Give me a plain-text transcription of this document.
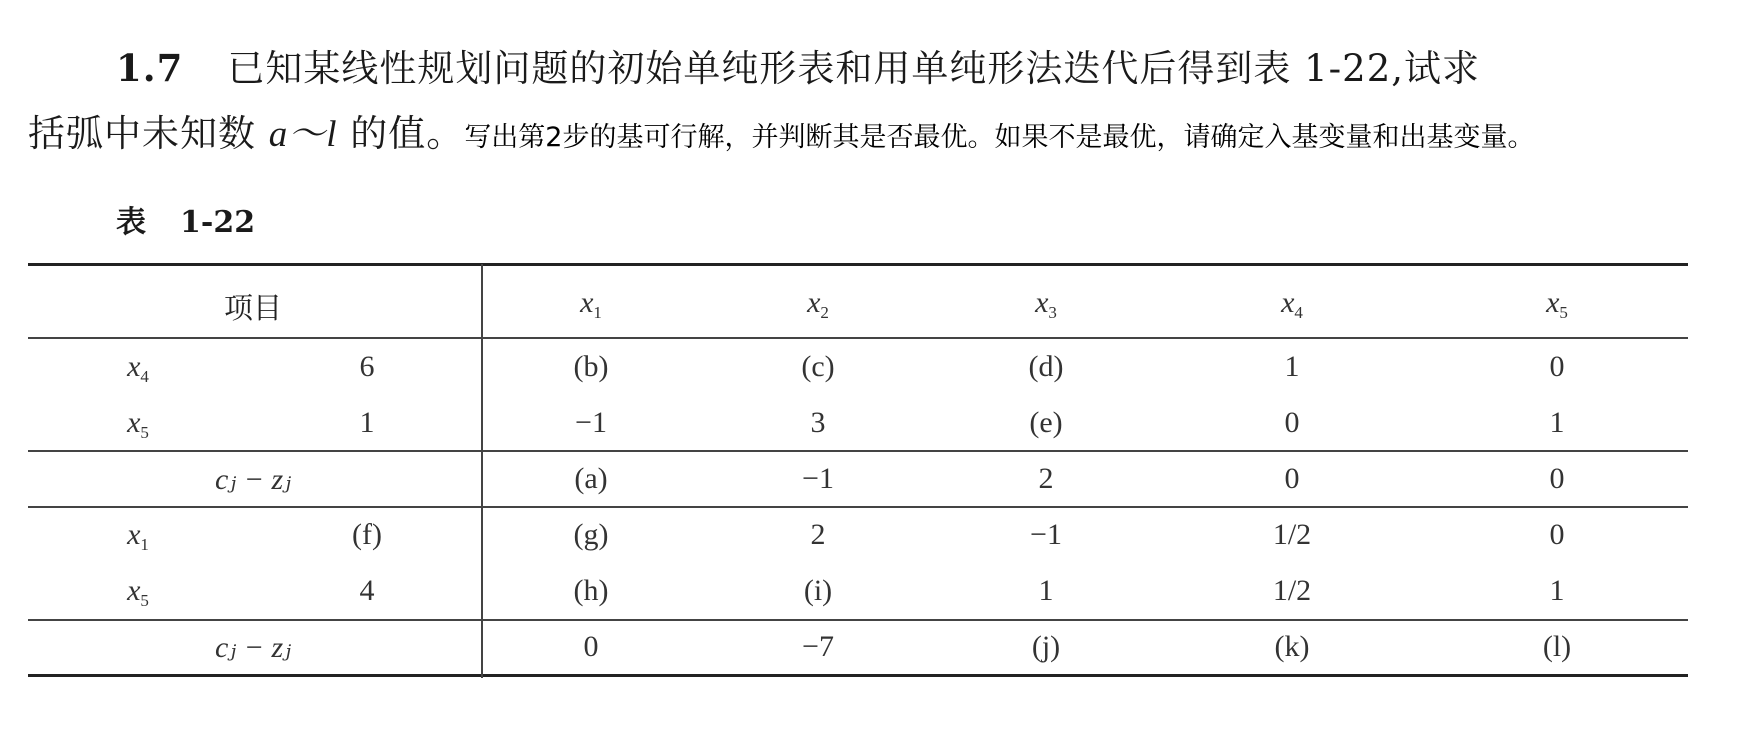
1.7 已知某线性规划问题的初始单纯形表和用单纯形法迭代后得到表 1-22,试求
括弧中未知数 a～l 的值。写出第2步的基可行解，并判断其是否最优。如果不是最优，请确定入基变量和出基变量。
表 1-22
项目	$x_1$	$x_2$	$x_3$	$x_4$	$x_5$
$x_4$	6	(b)	(c)	(d)	1	0
$x_5$	1	−1	3	(e)	0	1
cⱼ − zⱼ	(a)	−1	2	0	0
$x_1$	(f)	(g)	2	−1	1/2	0
$x_5$	4	(h)	(i)	1	1/2	1
cⱼ − zⱼ	0	−7	(j)	(k)	(l)
